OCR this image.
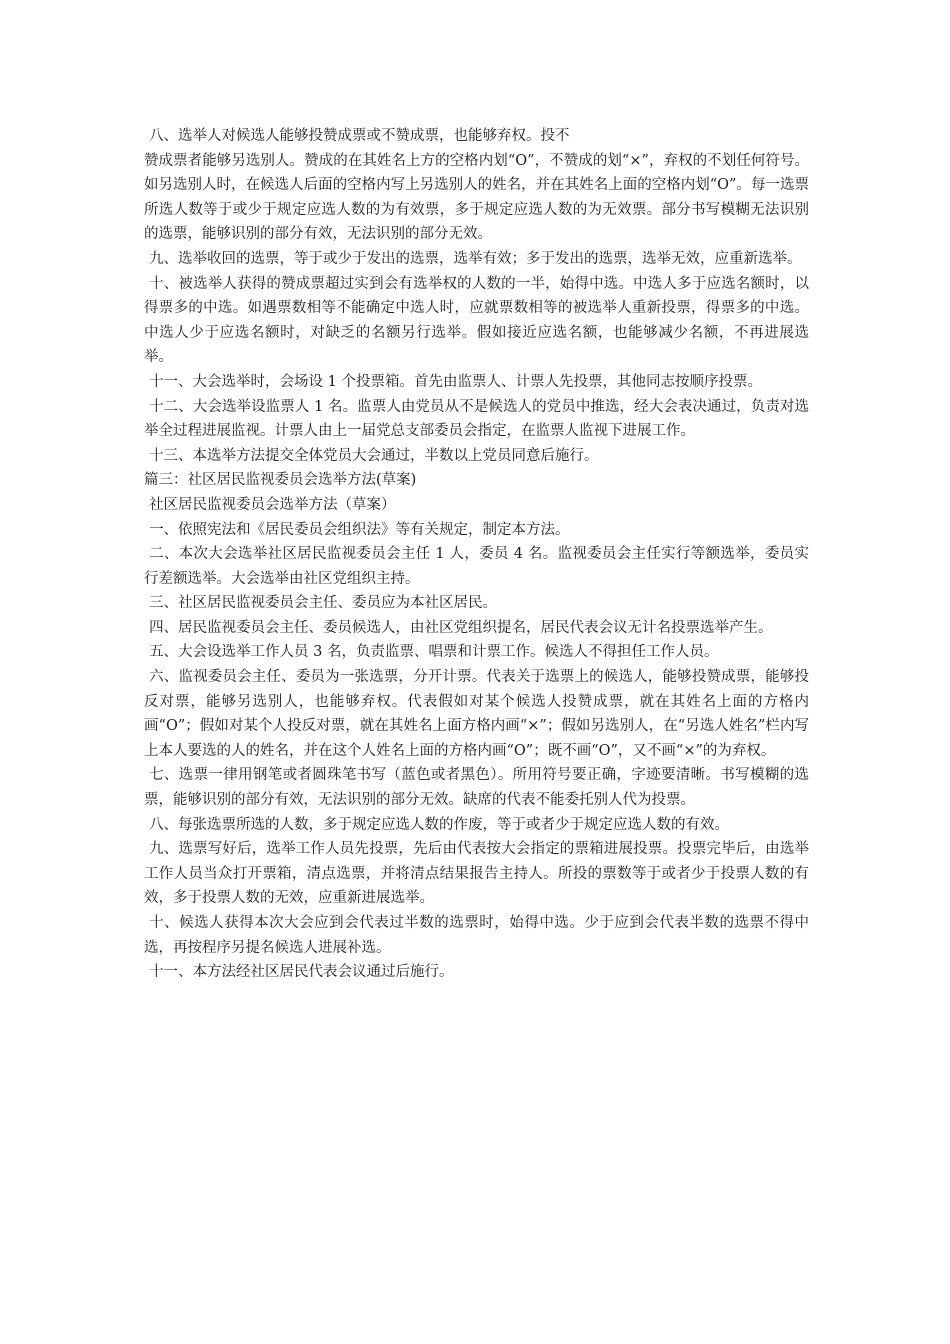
八、选举人对候选人能够投赞成票或不赞成票，也能够弃权。投不

赞成票者能够另选别人。赞成的在其姓名上方的空格内划“O”，不赞成的划“×”，弃权的不划任何符号。如另选别人时，在候选人后面的空格内写上另选别人的姓名，并在其姓名上面的空格内划“O”。每一选票所选人数等于或少于规定应选人数的为有效票，多于规定应选人数的为无效票。部分书写模糊无法识别的选票，能够识别的部分有效，无法识别的部分无效。

九、选举收回的选票，等于或少于发出的选票，选举有效；多于发出的选票，选举无效，应重新选举。

十、被选举人获得的赞成票超过实到会有选举权的人数的一半，始得中选。中选人多于应选名额时，以得票多的中选。如遇票数相等不能确定中选人时，应就票数相等的被选举人重新投票，得票多的中选。中选人少于应选名额时，对缺乏的名额另行选举。假如接近应选名额，也能够减少名额，不再进展选举。

十一、大会选举时，会场设 1 个投票箱。首先由监票人、计票人先投票，其他同志按顺序投票。

十二、大会选举设监票人 1 名。监票人由党员从不是候选人的党员中推选，经大会表决通过，负责对选举全过程进展监视。计票人由上一届党总支部委员会指定，在监票人监视下进展工作。

十三、本选举方法提交全体党员大会通过，半数以上党员同意后施行。

篇三：社区居民监视委员会选举方法(草案)

社区居民监视委员会选举方法（草案）

一、依照宪法和《居民委员会组织法》等有关规定，制定本方法。

二、本次大会选举社区居民监视委员会主任 1 人，委员 4 名。监视委员会主任实行等额选举，委员实行差额选举。大会选举由社区党组织主持。

三、社区居民监视委员会主任、委员应为本社区居民。

四、居民监视委员会主任、委员候选人，由社区党组织提名，居民代表会议无计名投票选举产生。

五、大会设选举工作人员 3 名，负责监票、唱票和计票工作。候选人不得担任工作人员。

六、监视委员会主任、委员为一张选票，分开计票。代表关于选票上的候选人，能够投赞成票，能够投反对票，能够另选别人，也能够弃权。代表假如对某个候选人投赞成票，就在其姓名上面的方格内画“O”；假如对某个人投反对票，就在其姓名上面方格内画“×”；假如另选别人，在“另选人姓名”栏内写上本人要选的人的姓名，并在这个人姓名上面的方格内画“O”；既不画“O”，又不画“×”的为弃权。

七、选票一律用钢笔或者圆珠笔书写（蓝色或者黑色）。所用符号要正确，字迹要清晰。书写模糊的选票，能够识别的部分有效，无法识别的部分无效。缺席的代表不能委托别人代为投票。

八、每张选票所选的人数，多于规定应选人数的作废，等于或者少于规定应选人数的有效。

九、选票写好后，选举工作人员先投票，先后由代表按大会指定的票箱进展投票。投票完毕后，由选举工作人员当众打开票箱，清点选票，并将清点结果报告主持人。所投的票数等于或者少于投票人数的有效，多于投票人数的无效，应重新进展选举。

十、候选人获得本次大会应到会代表过半数的选票时，始得中选。少于应到会代表半数的选票不得中选，再按程序另提名候选人进展补选。

十一、本方法经社区居民代表会议通过后施行。
